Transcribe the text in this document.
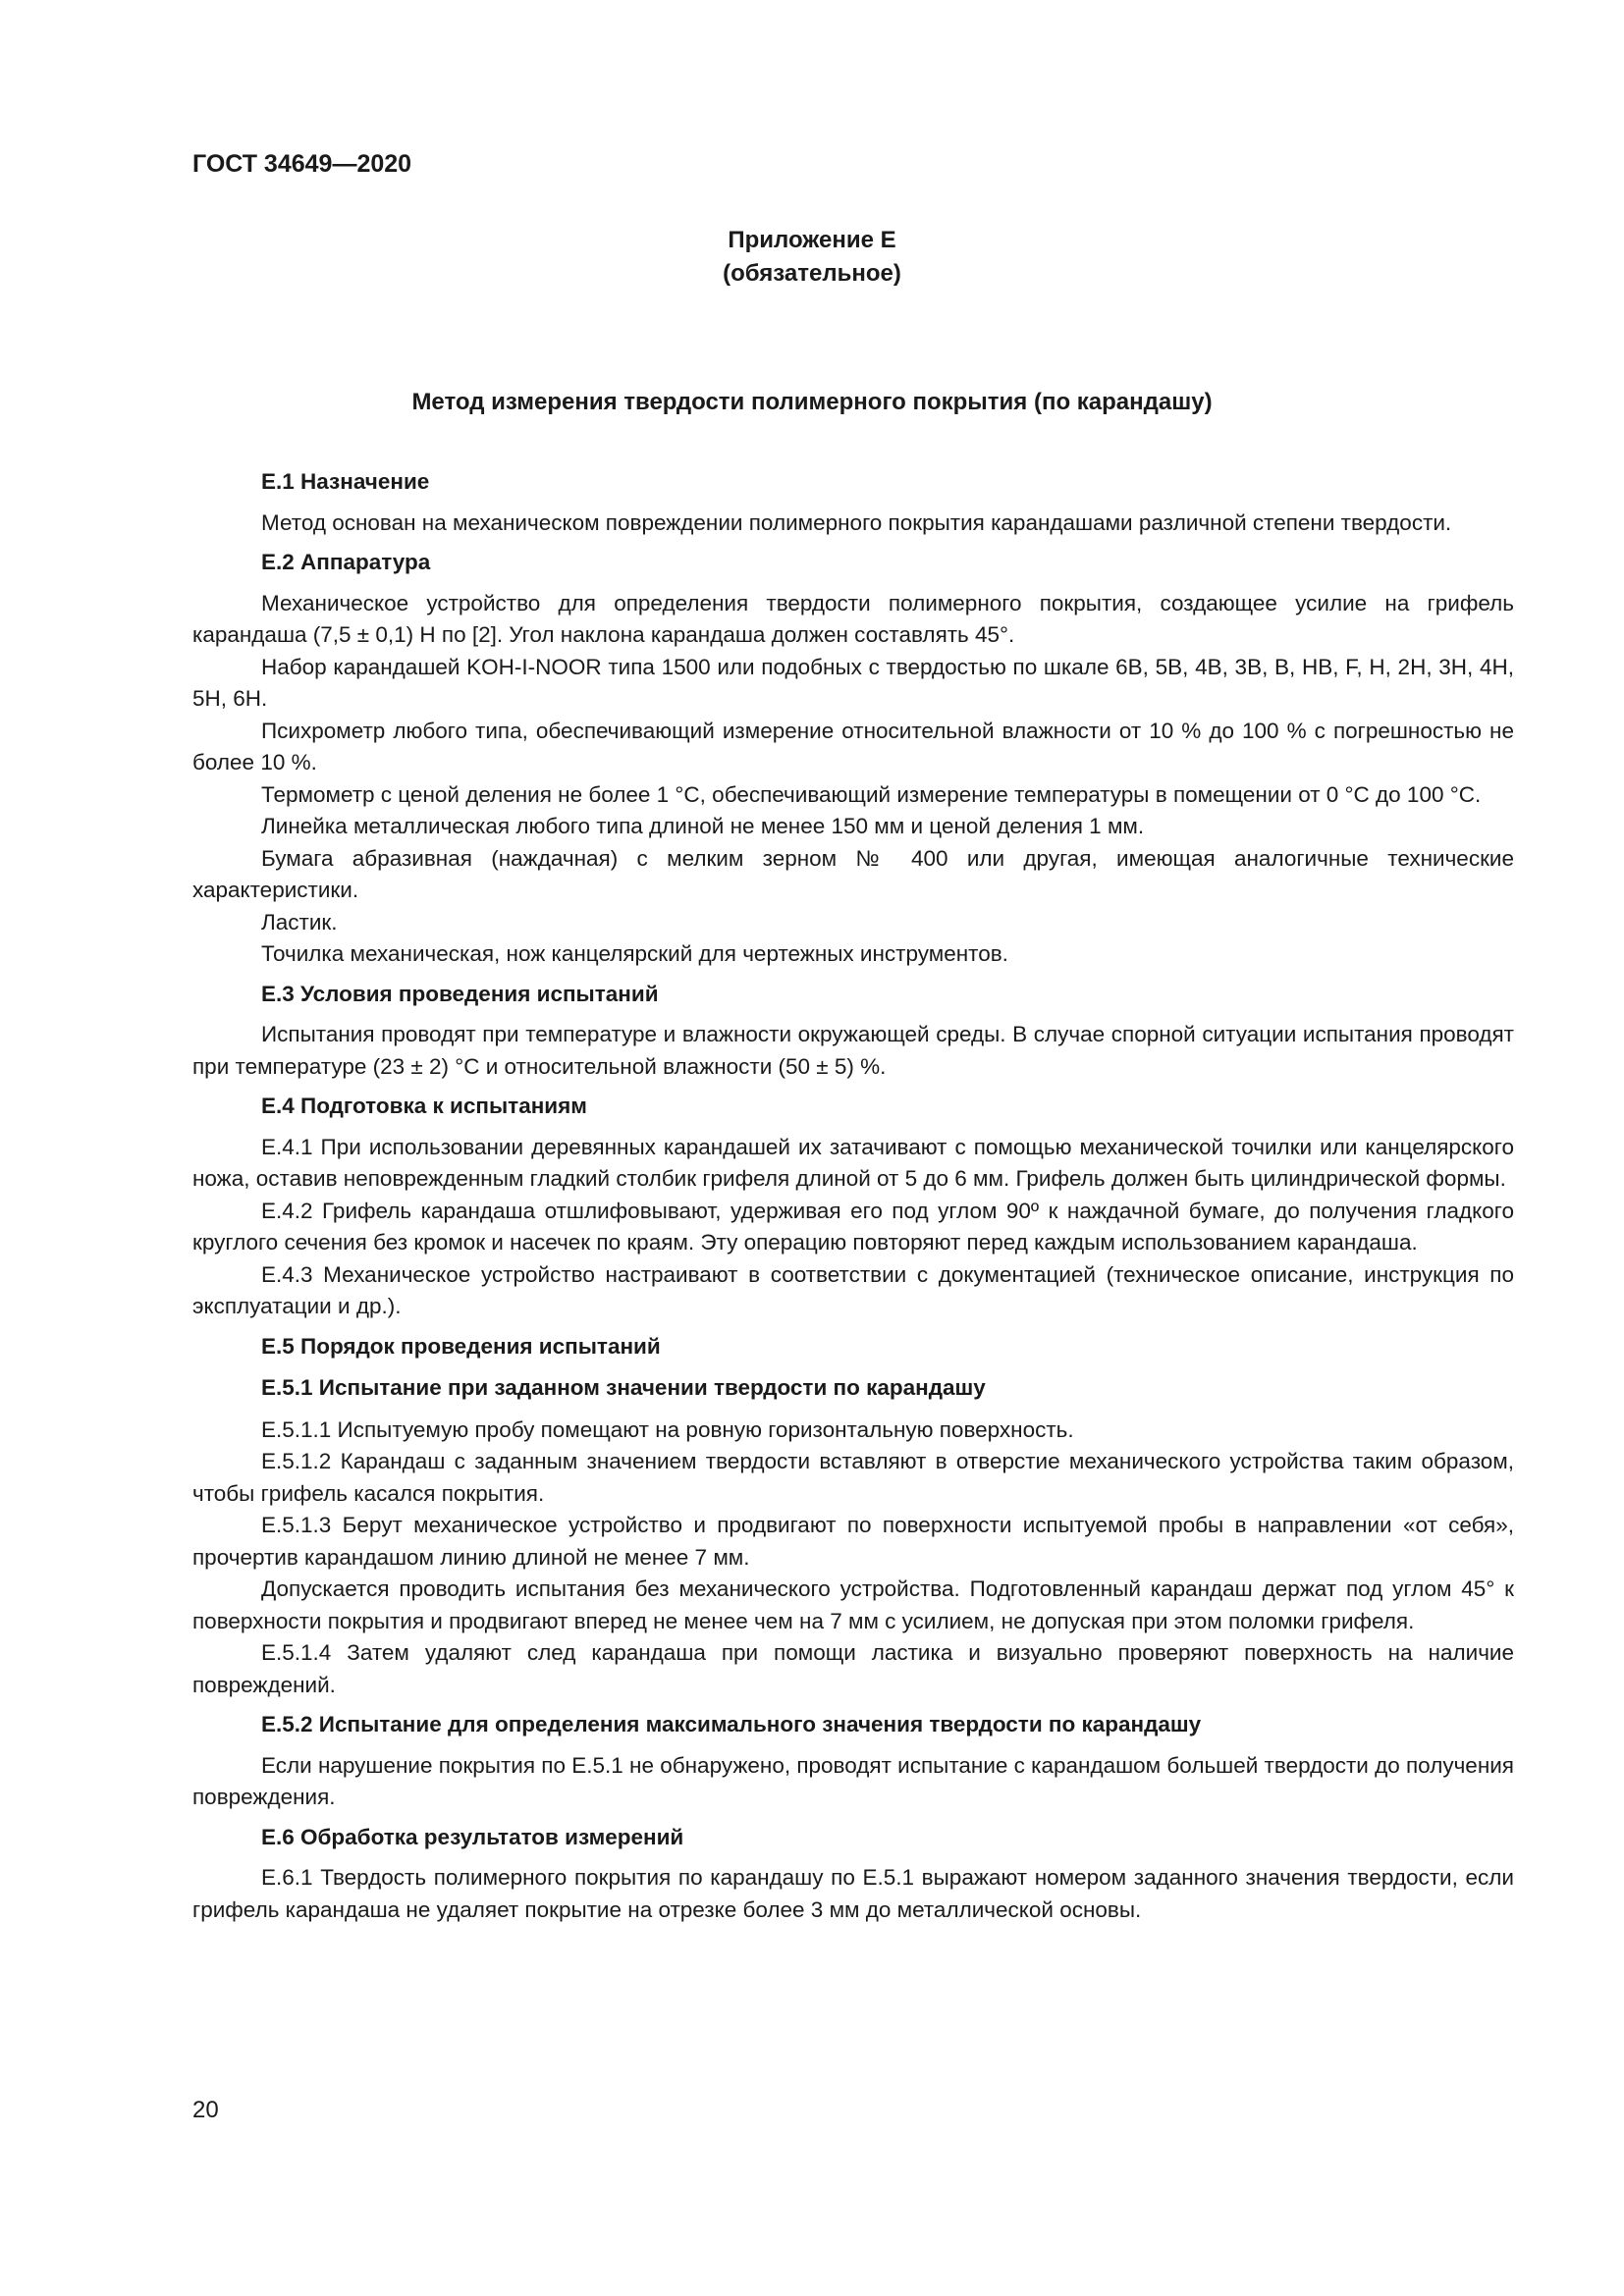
ГОСТ 34649—2020
Приложение Е
(обязательное)
Метод измерения твердости полимерного покрытия (по карандашу)
Е.1 Назначение

Метод основан на механическом повреждении полимерного покрытия карандашами различной степени твердости.

Е.2 Аппаратура

Механическое устройство для определения твердости полимерного покрытия, создающее усилие на грифель карандаша (7,5 ± 0,1) Н по [2]. Угол наклона карандаша должен составлять 45°.

Набор карандашей KOH-I-NOOR типа 1500 или подобных с твердостью по шкале 6В, 5В, 4В, 3В, В, НВ, F, Н, 2Н, 3Н, 4Н, 5Н, 6Н.

Психрометр любого типа, обеспечивающий измерение относительной влажности от 10 % до 100 % с погрешностью не более 10 %.

Термометр с ценой деления не более 1 °С, обеспечивающий измерение температуры в помещении от 0 °С до 100 °С.

Линейка металлическая любого типа длиной не менее 150 мм и ценой деления 1 мм.

Бумага абразивная (наждачная) с мелким зерном № 400 или другая, имеющая аналогичные технические характеристики.

Ластик.

Точилка механическая, нож канцелярский для чертежных инструментов.

Е.3 Условия проведения испытаний

Испытания проводят при температуре и влажности окружающей среды. В случае спорной ситуации испытания проводят при температуре (23 ± 2) °С и относительной влажности (50 ± 5) %.

Е.4 Подготовка к испытаниям

Е.4.1 При использовании деревянных карандашей их затачивают с помощью механической точилки или канцелярского ножа, оставив неповрежденным гладкий столбик грифеля длиной от 5 до 6 мм. Грифель должен быть цилиндрической формы.

Е.4.2 Грифель карандаша отшлифовывают, удерживая его под углом 90º к наждачной бумаге, до получения гладкого круглого сечения без кромок и насечек по краям. Эту операцию повторяют перед каждым использованием карандаша.

Е.4.3 Механическое устройство настраивают в соответствии с документацией (техническое описание, инструкция по эксплуатации и др.).

Е.5 Порядок проведения испытаний
Е.5.1 Испытание при заданном значении твердости по карандашу

Е.5.1.1 Испытуемую пробу помещают на ровную горизонтальную поверхность.

Е.5.1.2 Карандаш с заданным значением твердости вставляют в отверстие механического устройства таким образом, чтобы грифель касался покрытия.

Е.5.1.3 Берут механическое устройство и продвигают по поверхности испытуемой пробы в направлении «от себя», прочертив карандашом линию длиной не менее 7 мм.

Допускается проводить испытания без механического устройства. Подготовленный карандаш держат под углом 45° к поверхности покрытия и продвигают вперед не менее чем на 7 мм с усилием, не допуская при этом поломки грифеля.

Е.5.1.4 Затем удаляют след карандаша при помощи ластика и визуально проверяют поверхность на наличие повреждений.

Е.5.2 Испытание для определения максимального значения твердости по карандашу

Если нарушение покрытия по Е.5.1 не обнаружено, проводят испытание с карандашом большей твердости до получения повреждения.

Е.6 Обработка результатов измерений

Е.6.1 Твердость полимерного покрытия по карандашу по Е.5.1 выражают номером заданного значения твердости, если грифель карандаша не удаляет покрытие на отрезке более 3 мм до металлической основы.

20
